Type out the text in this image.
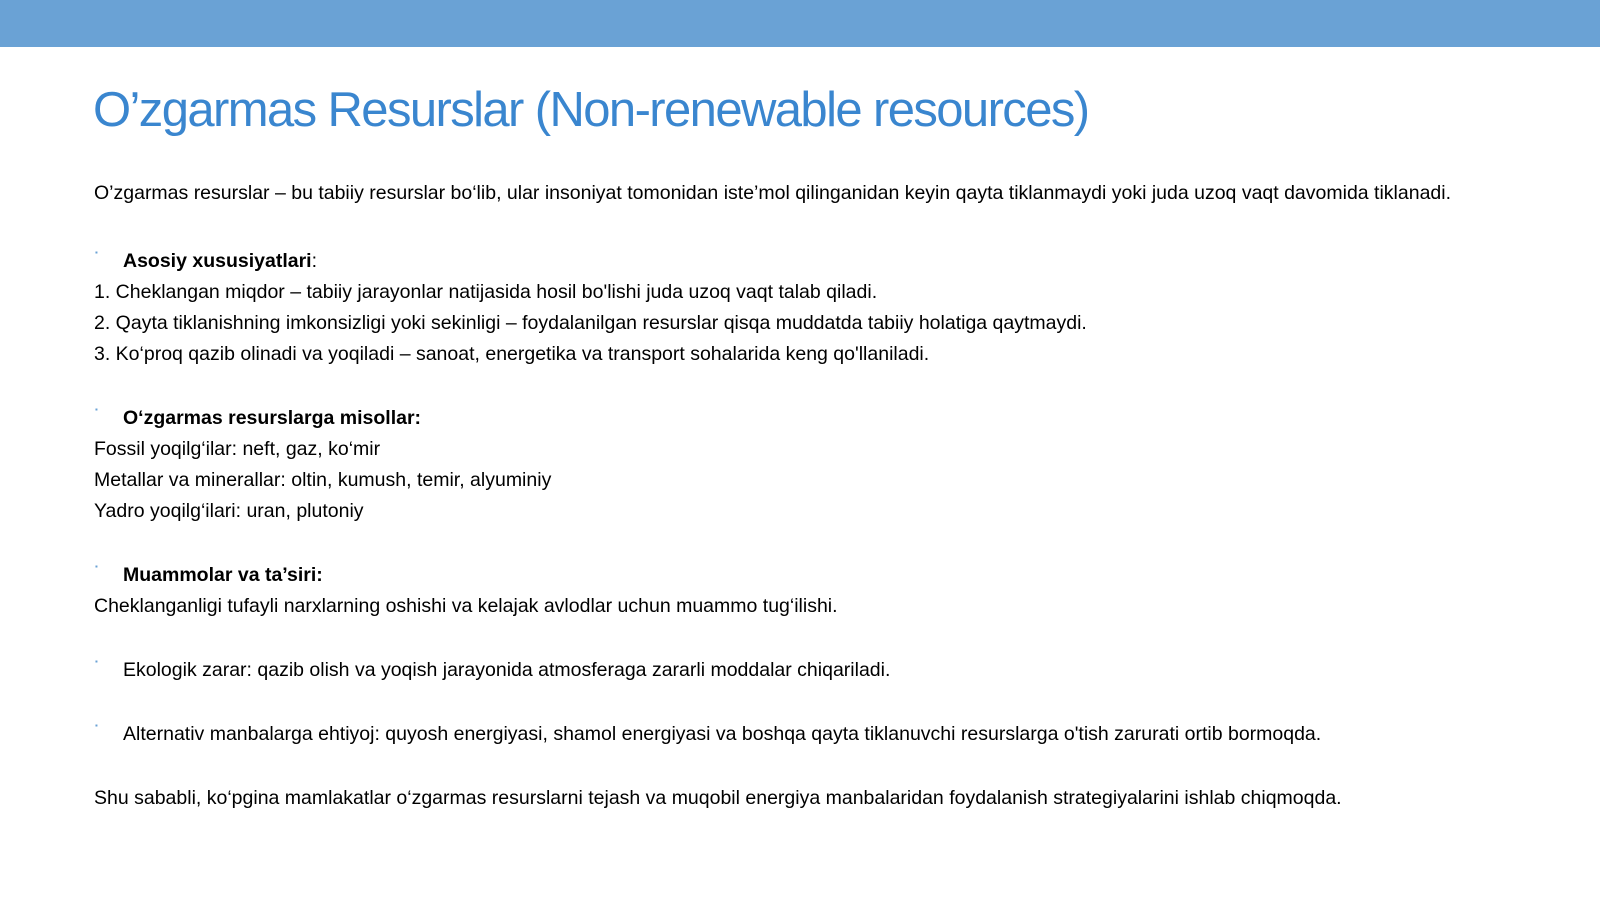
O’zgarmas Resurslar (Non-renewable resources)

O’zgarmas resurslar – bu tabiiy resurslar bo‘lib, ular insoniyat tomonidan iste’mol qilinganidan keyin qayta tiklanmaydi yoki juda uzoq vaqt davomida tiklanadi.

▪ Asosiy xususiyatlari:

1. Cheklangan miqdor – tabiiy jarayonlar natijasida hosil bo'lishi juda uzoq vaqt talab qiladi.

2. Qayta tiklanishning imkonsizligi yoki sekinligi – foydalanilgan resurslar qisqa muddatda tabiiy holatiga qaytmaydi.

3. Ko‘proq qazib olinadi va yoqiladi – sanoat, energetika va transport sohalarida keng qo'llaniladi.

▪ O‘zgarmas resurslarga misollar:

Fossil yoqilg‘ilar: neft, gaz, ko‘mir

Metallar va minerallar: oltin, kumush, temir, alyuminiy

Yadro yoqilg‘ilari: uran, plutoniy

▪ Muammolar va ta’siri:

Cheklanganligi tufayli narxlarning oshishi va kelajak avlodlar uchun muammo tug‘ilishi.

▪ Ekologik zarar: qazib olish va yoqish jarayonida atmosferaga zararli moddalar chiqariladi.
▪ Alternativ manbalarga ehtiyoj: quyosh energiyasi, shamol energiyasi va boshqa qayta tiklanuvchi resurslarga o'tish zarurati ortib bormoqda.

Shu sababli, ko‘pgina mamlakatlar o‘zgarmas resurslarni tejash va muqobil energiya manbalaridan foydalanish strategiyalarini ishlab chiqmoqda.
